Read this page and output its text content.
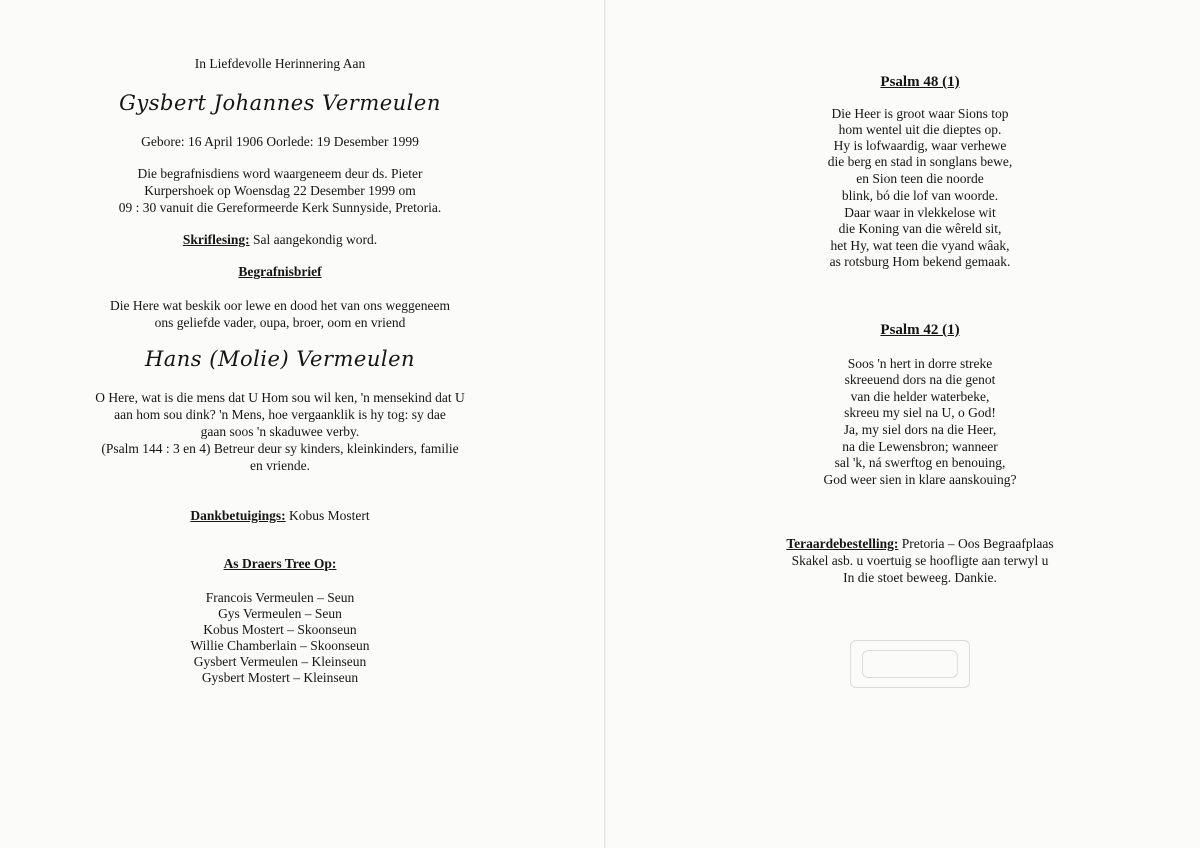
In Liefdevolle Herinnering Aan
Gysbert Johannes Vermeulen
Gebore: 16 April 1906 Oorlede: 19 Desember 1999
Die begrafnisdiens word waargeneem deur ds. Pieter
Kurpershoek op Woensdag 22 Desember 1999 om
09 : 30 vanuit die Gereformeerde Kerk Sunnyside, Pretoria.
Skriflesing: Sal aangekondig word.
Begrafnisbrief
Die Here wat beskik oor lewe en dood het van ons weggeneem
ons geliefde vader, oupa, broer, oom en vriend
Hans (Molie) Vermeulen
O Here, wat is die mens dat U Hom sou wil ken, 'n mensekind dat U
aan hom sou dink? 'n Mens, hoe vergaanklik is hy tog: sy dae
gaan soos 'n skaduwee verby.
(Psalm 144 : 3 en 4) Betreur deur sy kinders, kleinkinders, familie
en vriende.
Dankbetuigings: Kobus Mostert
As Draers Tree Op:
Francois Vermeulen – Seun
Gys Vermeulen – Seun
Kobus Mostert – Skoonseun
Willie Chamberlain – Skoonseun
Gysbert Vermeulen – Kleinseun
Gysbert Mostert – Kleinseun
Psalm 48 (1)
Die Heer is groot waar Sions top
hom wentel uit die dieptes op.
Hy is lofwaardig, waar verhewe
die berg en stad in songlans bewe,
en Sion teen die noorde
blink, bó die lof van woorde.
Daar waar in vlekkelose wit
die Koning van die wêreld sit,
het Hy, wat teen die vyand wâak,
as rotsburg Hom bekend gemaak.
Psalm 42 (1)
Soos 'n hert in dorre streke
skreeuend dors na die genot
van die helder waterbeke,
skreeu my siel na U, o God!
Ja, my siel dors na die Heer,
na die Lewensbron; wanneer
sal 'k, ná swerftog en benouing,
God weer sien in klare aanskouing?
Teraardebestelling: Pretoria – Oos Begraafplaas
Skakel asb. u voertuig se hoofligte aan terwyl u
In die stoet beweeg. Dankie.
